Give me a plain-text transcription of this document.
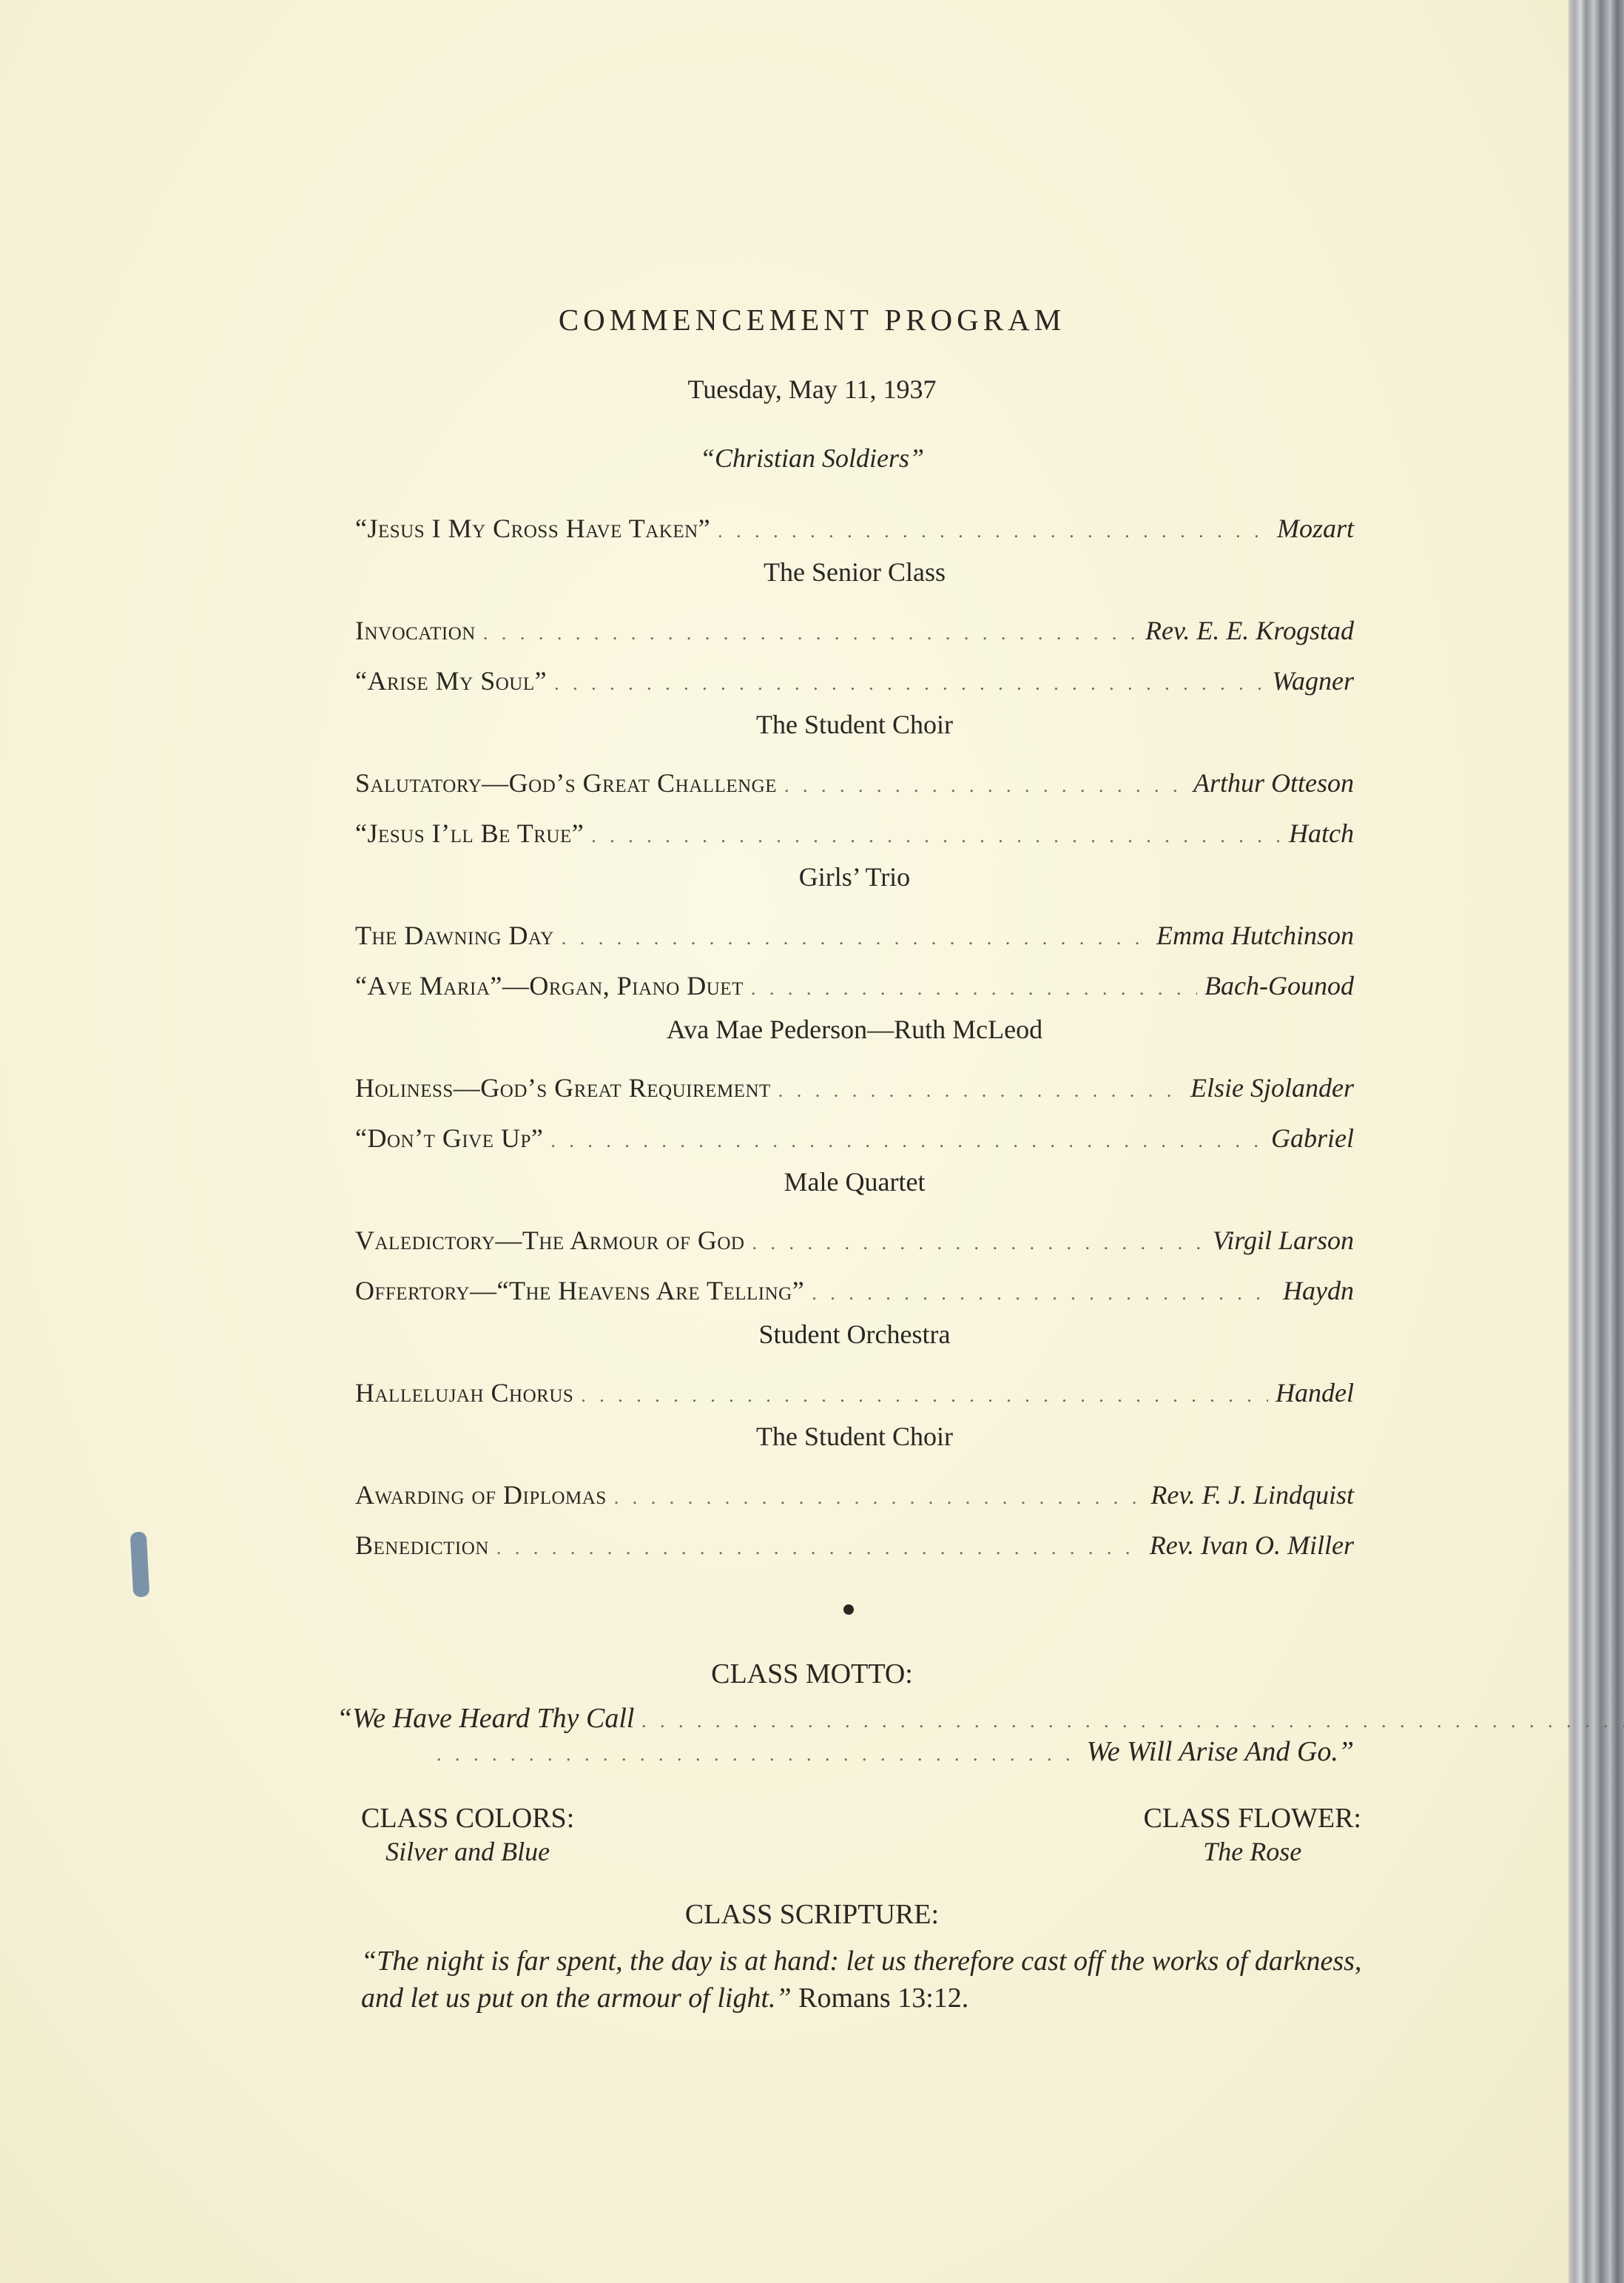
COMMENCEMENT PROGRAM
Tuesday, May 11, 1937
“Christian Soldiers”
“Jesus I My Cross Have Taken” . . .	Mozart
The Senior Class
Invocation . . .	Rev. E. E. Krogstad
“Arise My Soul” . . .	Wagner
The Student Choir
Salutatory—God’s Great Challenge . . .	Arthur Otteson
“Jesus I’ll Be True” . . .	Hatch
Girls’ Trio
The Dawning Day . . .	Emma Hutchinson
“Ave Maria”—Organ, Piano Duet . . .	Bach-Gounod
Ava Mae Pederson—Ruth McLeod
Holiness—God’s Great Requirement . . .	Elsie Sjolander
“Don’t Give Up” . . .	Gabriel
Male Quartet
Valedictory—The Armour of God . . .	Virgil Larson
Offertory—“The Heavens Are Telling” . . .	Haydn
Student Orchestra
Hallelujah Chorus . . .	Handel
The Student Choir
Awarding of Diplomas . . .	Rev. F. J. Lindquist
Benediction . . .	Rev. Ivan O. Miller
CLASS MOTTO:
“We Have Heard Thy Call . . .
. . .
We Will Arise And Go.”
CLASS COLORS:
Silver and Blue
CLASS FLOWER:
The Rose
CLASS SCRIPTURE:
“The night is far spent, the day is at hand: let us therefore cast off the works of darkness, and let us put on the armour of light.” Romans 13:12.
